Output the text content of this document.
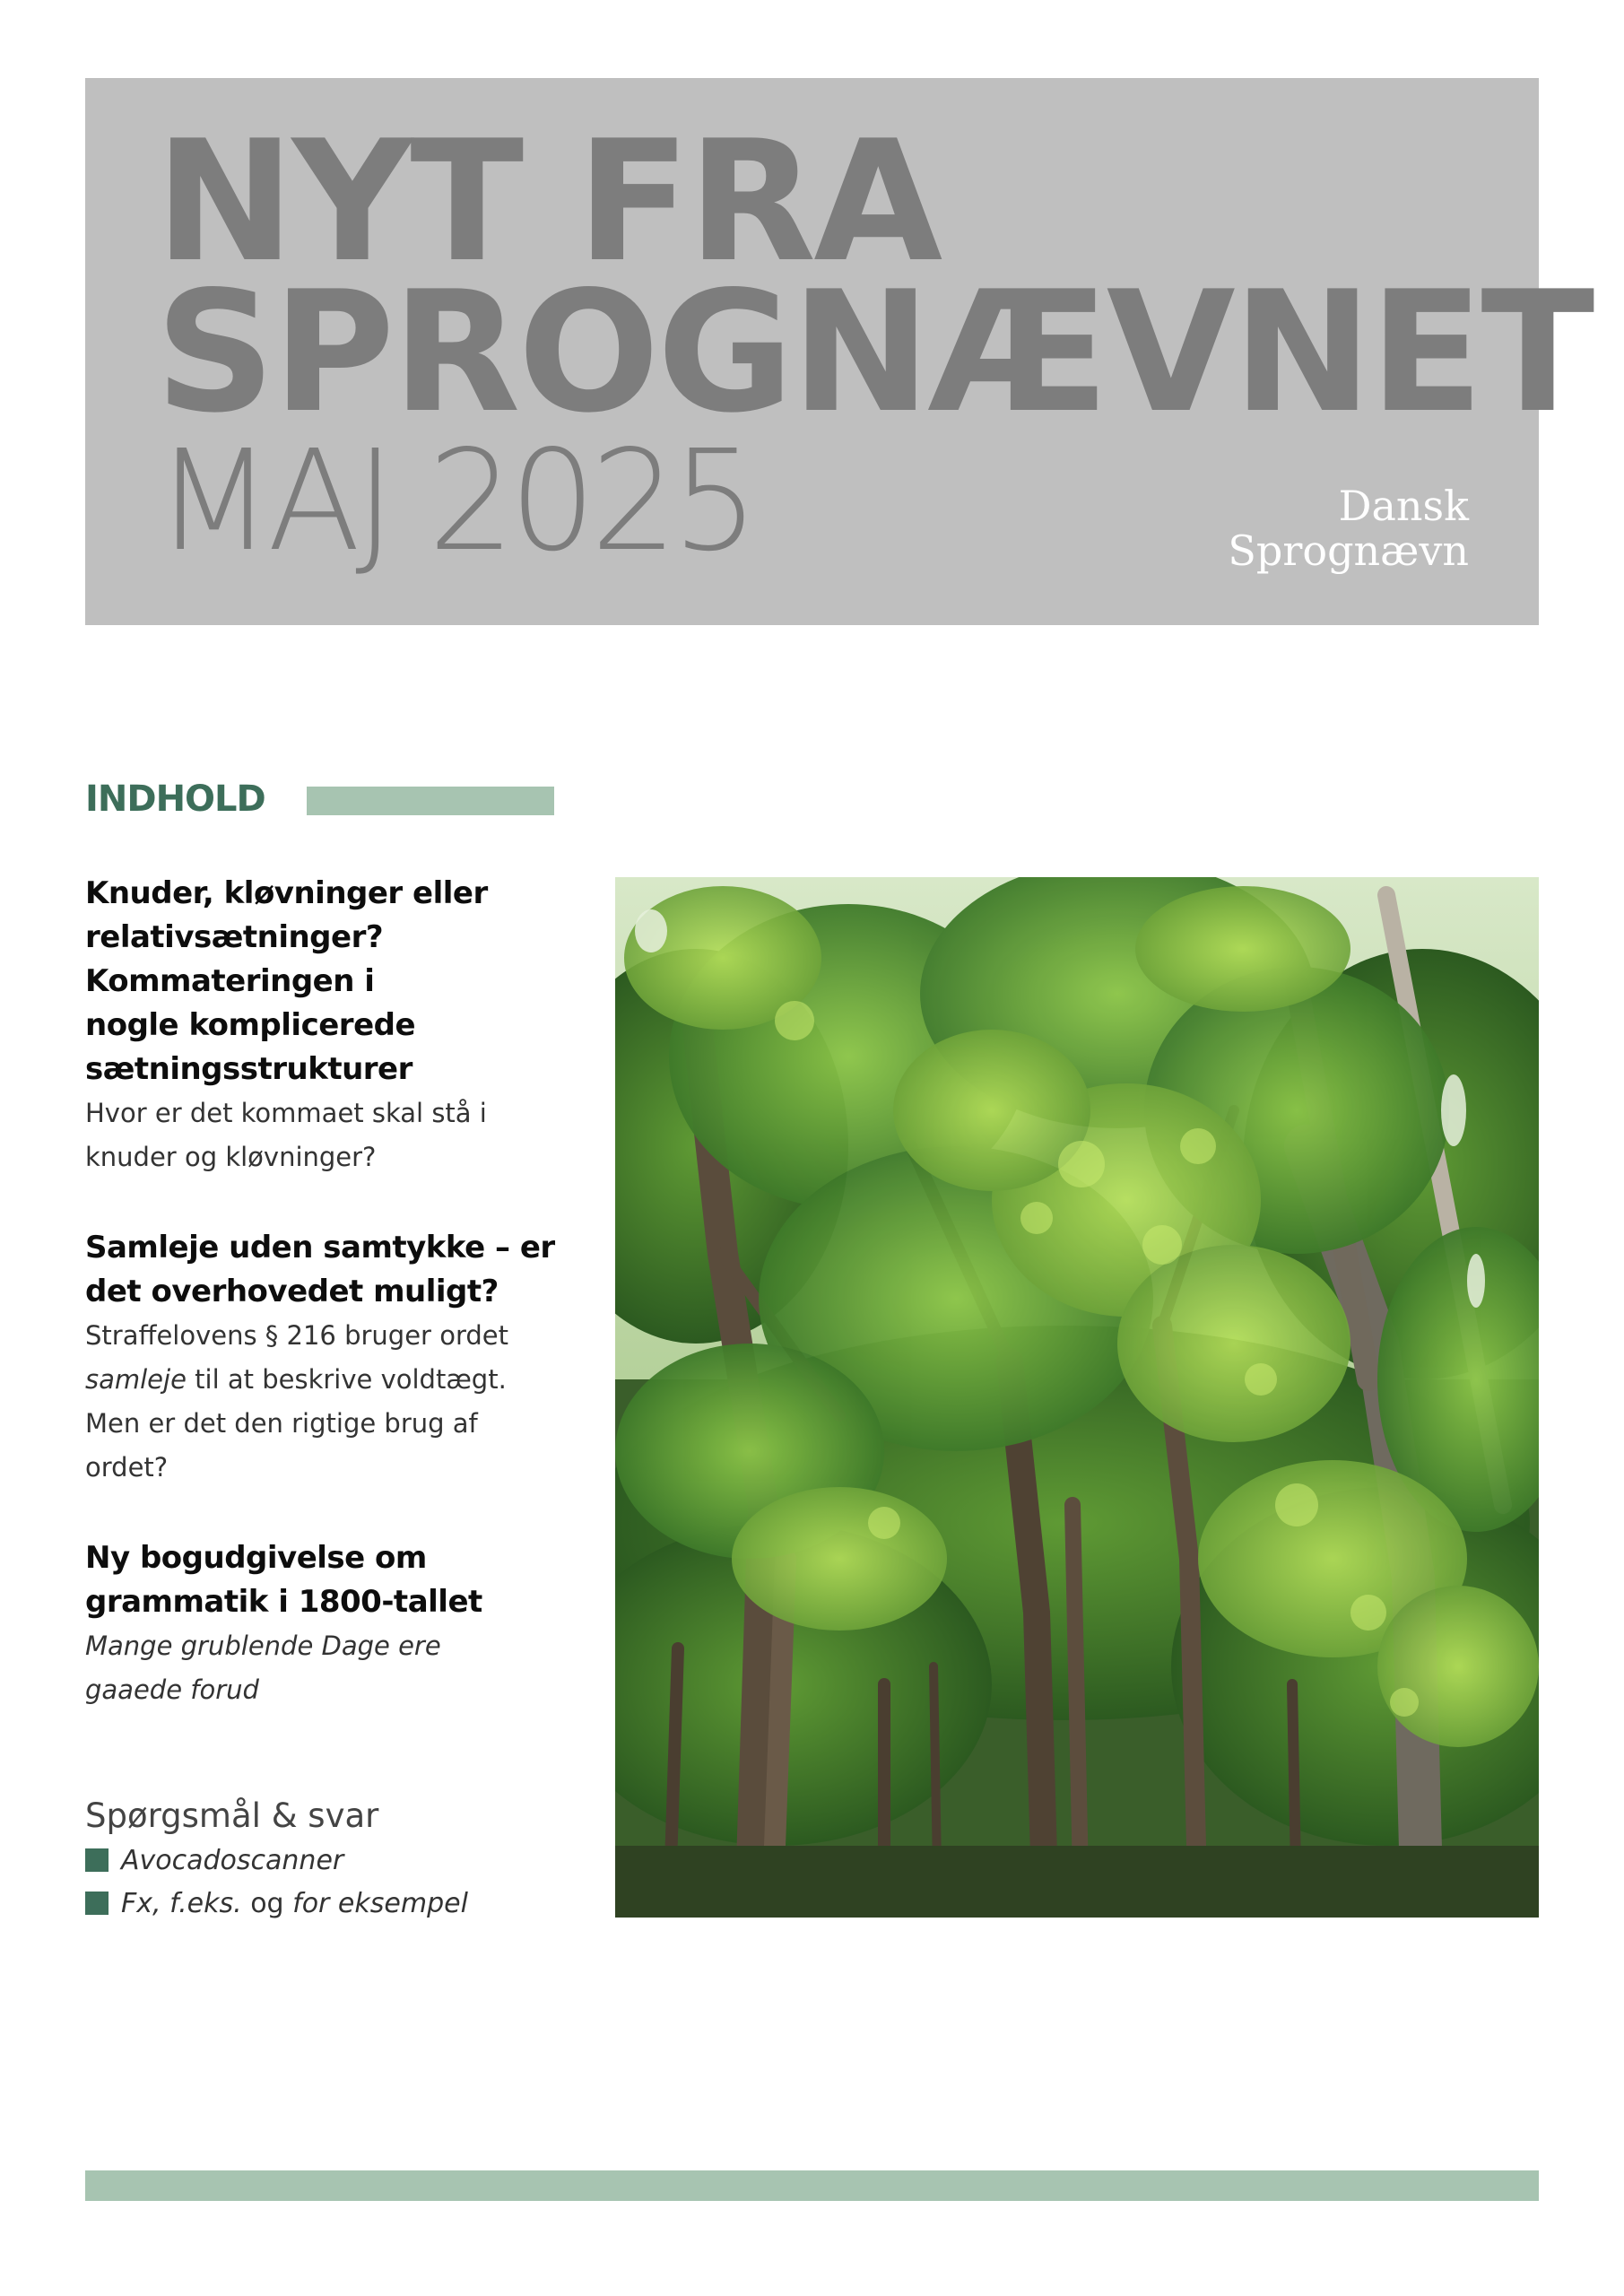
NYT FRA
SPROGNÆVNET
MAJ 2025	Dansk
Sprognævn
INDHOLD
Knuder, kløvninger eller
relativsætninger?
Kommateringen i
nogle komplicerede
sætningsstrukturer

Hvor er det kommaet skal stå i
knuder og kløvninger?

Samleje uden samtykke – er
det overhovedet muligt?

Straffelovens § 216 bruger ordet
samleje til at beskrive voldtægt.
Men er det den rigtige brug af
ordet?

Ny bogudgivelse om
grammatik i 1800-tallet

Mange grublende Dage ere
gaaede forud

Spørgsmål & svar
Avocadoscanner
Fx, f.eks. og for eksempel
